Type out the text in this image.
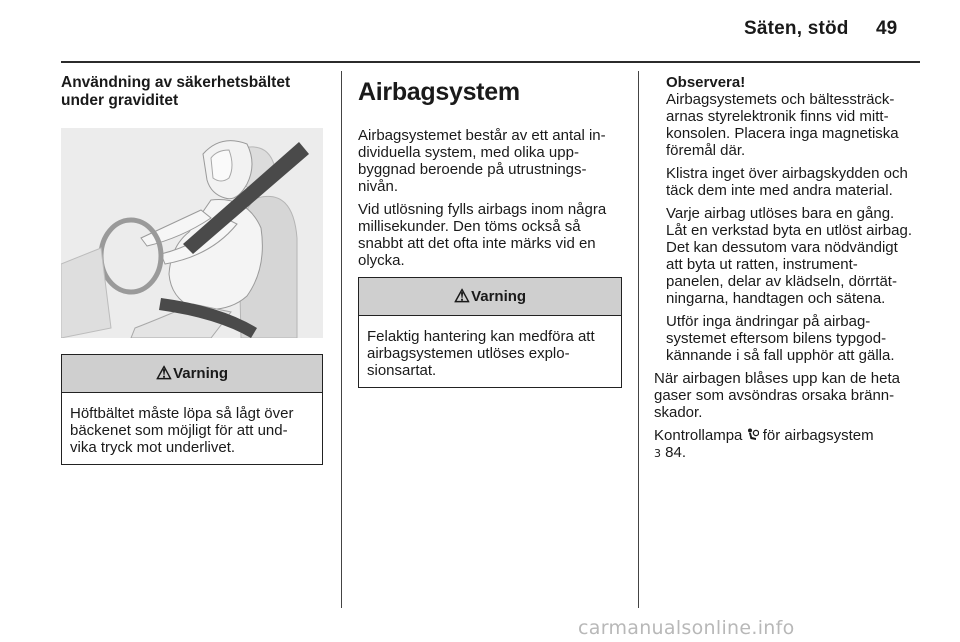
Säten, stöd 49
Användning av säkerhetsbältet under graviditet
⚠ Varning

Höftbältet måste löpa så lågt över

bäckenet som möjligt för att und-

vika tryck mot underlivet.

Airbagsystem

Airbagsystemet består av ett antal in-

dividuella system, med olika upp-

byggnad beroende på utrustnings-

nivån.

Vid utlösning fylls airbags inom några

millisekunder. Den töms också så

snabbt att det ofta inte märks vid en

olycka.

⚠ Varning

Felaktig hantering kan medföra att

airbagsystemen utlöses explo-

sionsartat.

Observera!

Airbagsystemets och bältessträck-

arnas styrelektronik finns vid mitt-

konsolen. Placera inga magnetiska

föremål där.

Klistra inget över airbagskydden och

täck dem inte med andra material.

Varje airbag utlöses bara en gång.

Låt en verkstad byta en utlöst airbag.

Det kan dessutom vara nödvändigt

att byta ut ratten, instrument-

panelen, delar av klädseln, dörrtät-

ningarna, handtagen och sätena.

Utför inga ändringar på airbag-

systemet eftersom bilens typgod-

kännande i så fall upphör att gälla.

När airbagen blåses upp kan de heta

gaser som avsöndras orsaka bränn-

skador.

Kontrollampa för airbagsystem

3 84.

carmanualsonline.info
